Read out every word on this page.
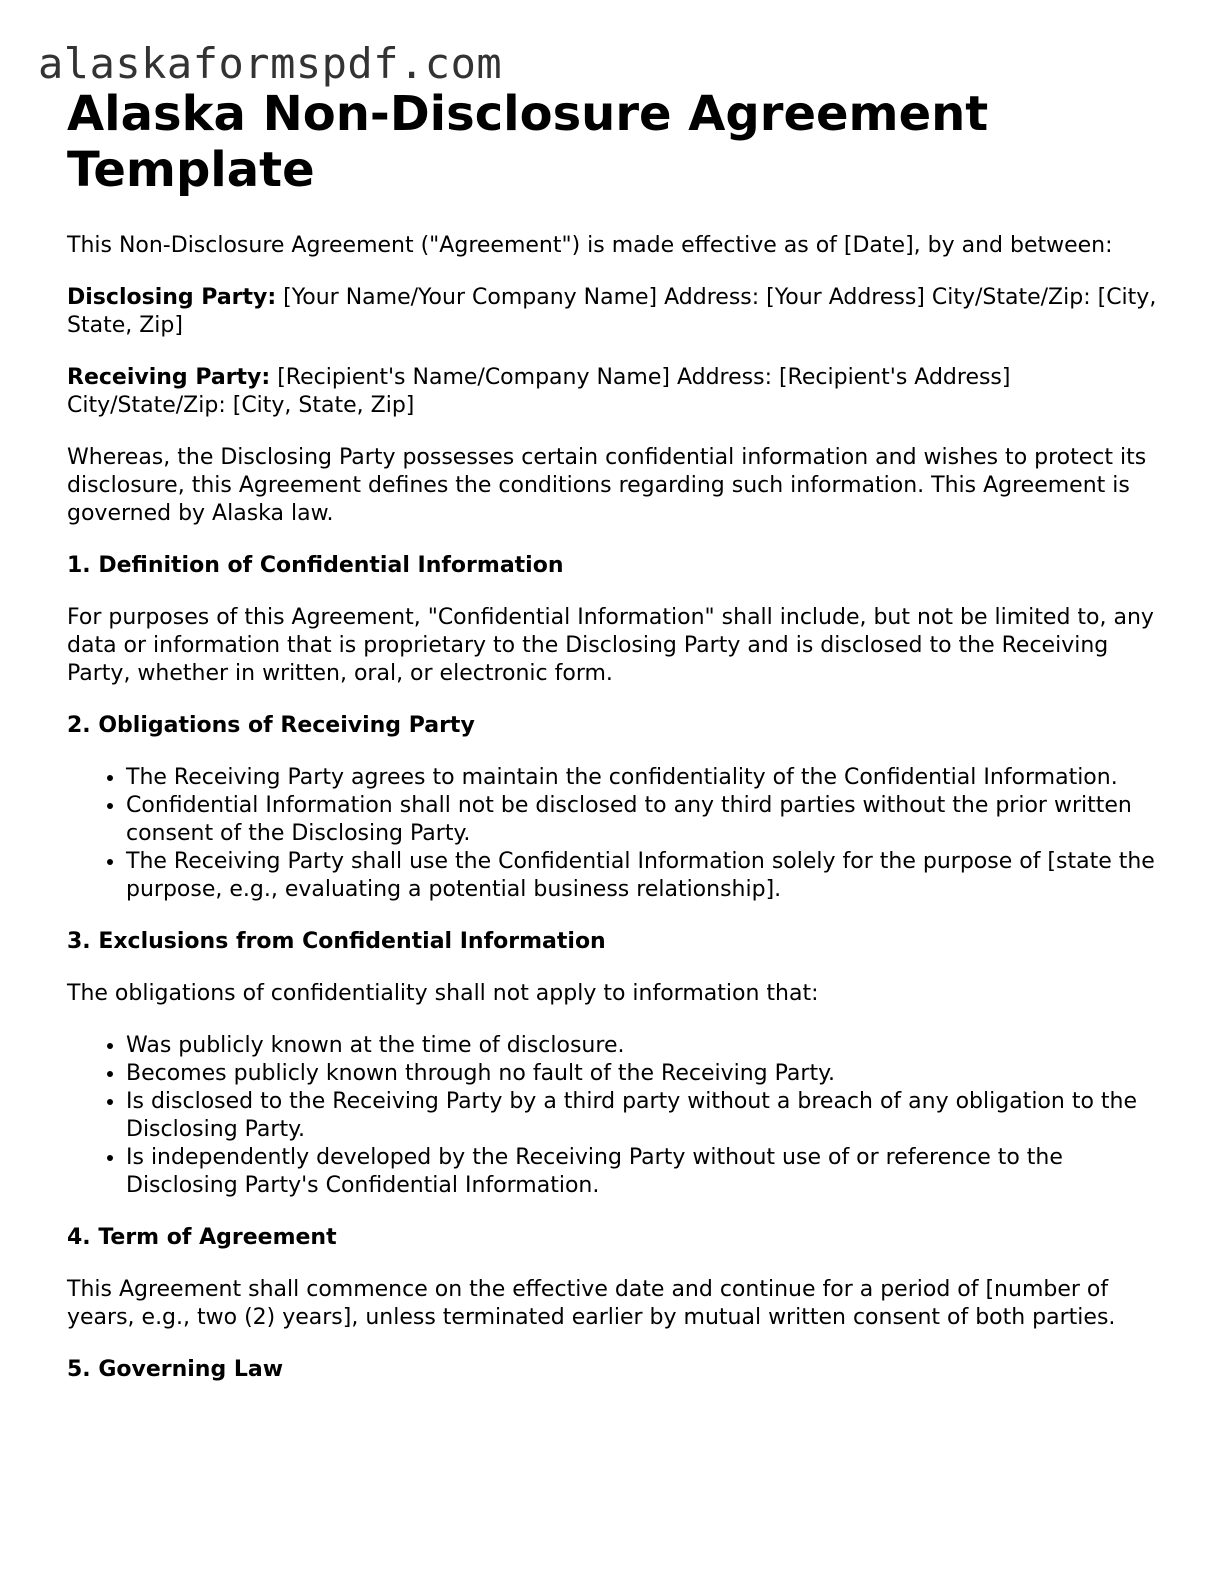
alaskaformspdf.com
Alaska Non-Disclosure Agreement Template

This Non-Disclosure Agreement ("Agreement") is made effective as of [Date], by and between:

Disclosing Party: [Your Name/Your Company Name] Address: [Your Address] City/State/Zip: [City, State, Zip]

Receiving Party: [Recipient's Name/Company Name] Address: [Recipient's Address] City/State/Zip: [City, State, Zip]

Whereas, the Disclosing Party possesses certain confidential information and wishes to protect its disclosure, this Agreement defines the conditions regarding such information. This Agreement is governed by Alaska law.

1. Definition of Confidential Information

For purposes of this Agreement, "Confidential Information" shall include, but not be limited to, any data or information that is proprietary to the Disclosing Party and is disclosed to the Receiving Party, whether in written, oral, or electronic form.

2. Obligations of Receiving Party

• The Receiving Party agrees to maintain the confidentiality of the Confidential Information.
• Confidential Information shall not be disclosed to any third parties without the prior written consent of the Disclosing Party.
• The Receiving Party shall use the Confidential Information solely for the purpose of [state the purpose, e.g., evaluating a potential business relationship].

3. Exclusions from Confidential Information

The obligations of confidentiality shall not apply to information that:

• Was publicly known at the time of disclosure.
• Becomes publicly known through no fault of the Receiving Party.
• Is disclosed to the Receiving Party by a third party without a breach of any obligation to the Disclosing Party.
• Is independently developed by the Receiving Party without use of or reference to the Disclosing Party's Confidential Information.

4. Term of Agreement

This Agreement shall commence on the effective date and continue for a period of [number of years, e.g., two (2) years], unless terminated earlier by mutual written consent of both parties.

5. Governing Law
